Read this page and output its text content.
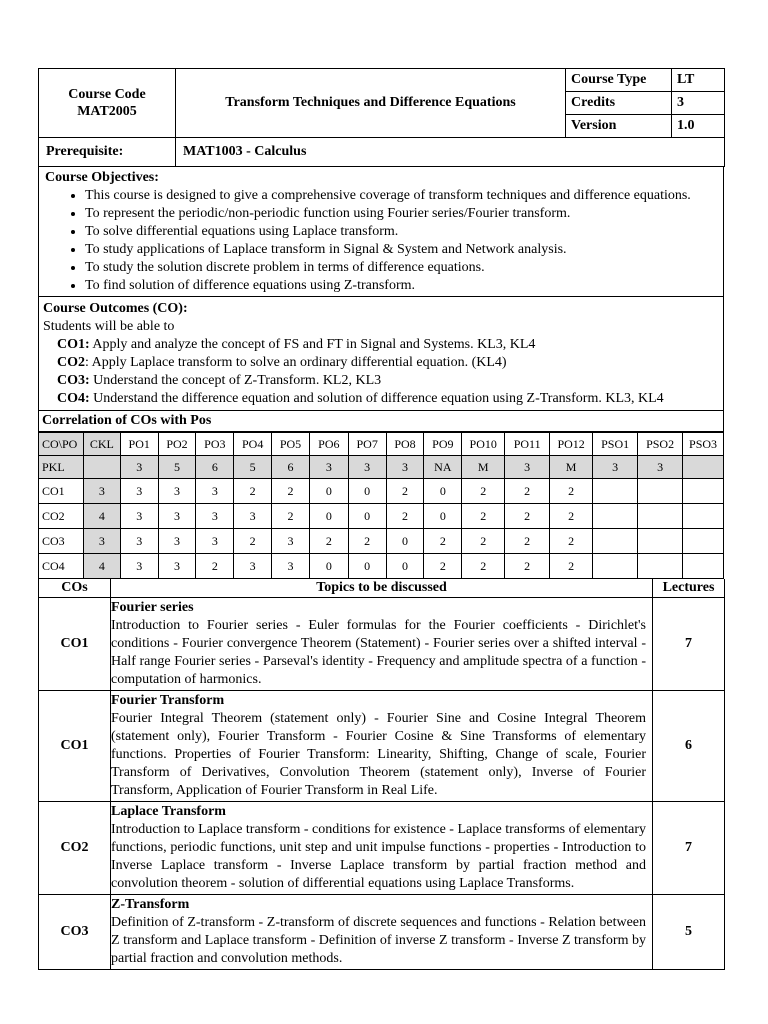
Course Code
MAT2005	Transform Techniques and Difference Equations	Course Type	LT
		Credits	3
		Version	1.0
Prerequisite:	MAT1003 - Calculus
Course Objectives:
• This course is designed to give a comprehensive coverage of transform techniques and difference equations.
• To represent the periodic/non-periodic function using Fourier series/Fourier transform.
• To solve differential equations using Laplace transform.
• To study applications of Laplace transform in Signal & System and Network analysis.
• To study the solution discrete problem in terms of difference equations.
• To find solution of difference equations using Z-transform.
Course Outcomes (CO):
Students will be able to
CO1: Apply and analyze the concept of FS and FT in Signal and Systems. KL3, KL4
CO2: Apply Laplace transform to solve an ordinary differential equation. (KL4)
CO3: Understand the concept of Z-Transform. KL2, KL3
CO4: Understand the difference equation and solution of difference equation using Z-Transform. KL3, KL4
Correlation of COs with Pos
CO\PO	CKL	PO1	PO2	PO3	PO4	PO5	PO6	PO7	PO8	PO9	PO10	PO11	PO12	PSO1	PSO2	PSO3
PKL		3	5	6	5	6	3	3	3	NA	M	3	M	3	3	
CO1	3	3	3	3	2	2	0	0	2	0	2	2	2			
CO2	4	3	3	3	3	2	0	0	2	0	2	2	2			
CO3	3	3	3	3	2	3	2	2	0	2	2	2	2			
CO4	4	3	3	2	3	3	0	0	0	2	2	2	2			
COs	Topics to be discussed	Lectures
CO1	Fourier series
Introduction to Fourier series - Euler formulas for the Fourier coefficients - Dirichlet's conditions - Fourier convergence Theorem (Statement) - Fourier series over a shifted interval - Half range Fourier series - Parseval's identity - Frequency and amplitude spectra of a function - computation of harmonics.	7
CO1	Fourier Transform
Fourier Integral Theorem (statement only) - Fourier Sine and Cosine Integral Theorem (statement only), Fourier Transform - Fourier Cosine & Sine Transforms of elementary functions. Properties of Fourier Transform: Linearity, Shifting, Change of scale, Fourier Transform of Derivatives, Convolution Theorem (statement only), Inverse of Fourier Transform, Application of Fourier Transform in Real Life.	6
CO2	Laplace Transform
Introduction to Laplace transform - conditions for existence - Laplace transforms of elementary functions, periodic functions, unit step and unit impulse functions - properties - Introduction to Inverse Laplace transform - Inverse Laplace transform by partial fraction method and convolution theorem - solution of differential equations using Laplace Transforms.	7
CO3	Z-Transform
Definition of Z-transform - Z-transform of discrete sequences and functions - Relation between Z transform and Laplace transform - Definition of inverse Z transform - Inverse Z transform by partial fraction and convolution methods.	5
